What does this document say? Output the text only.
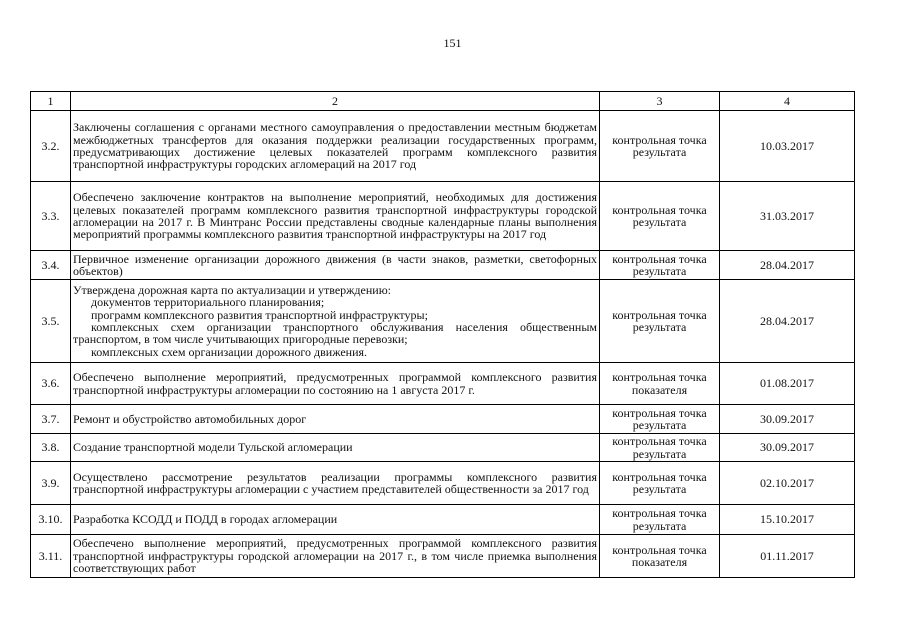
151
1	2	3	4
3.2.	Заключены соглашения с органами местного самоуправления о предоставлении местным бюджетам межбюджетных трансфертов для оказания поддержки реализации государственных программ, предусматривающих достижение целевых показателей программ комплексного развития транспортной инфраструктуры городских агломераций на 2017 год	контрольная точка результата	10.03.2017
3.3.	Обеспечено заключение контрактов на выполнение мероприятий, необходимых для достижения целевых показателей программ комплексного развития транспортной инфраструктуры городской агломерации на 2017 г. В Минтранс России представлены сводные календарные планы выполнения мероприятий программы комплексного развития транспортной инфраструктуры на 2017 год	контрольная точка результата	31.03.2017
3.4.	Первичное изменение организации дорожного движения (в части знаков, разметки, светофорных объектов)	контрольная точка результата	28.04.2017
3.5.	Утверждена дорожная карта по актуализации и утверждению:
документов территориального планирования;
программ комплексного развития транспортной инфраструктуры;
комплексных схем организации транспортного обслуживания населения общественным транспортом, в том числе учитывающих пригородные перевозки;
комплексных схем организации дорожного движения.	контрольная точка результата	28.04.2017
3.6.	Обеспечено выполнение мероприятий, предусмотренных программой комплексного развития транспортной инфраструктуры агломерации по состоянию на 1 августа 2017 г.	контрольная точка показателя	01.08.2017
3.7.	Ремонт и обустройство автомобильных дорог	контрольная точка результата	30.09.2017
3.8.	Создание транспортной модели Тульской агломерации	контрольная точка результата	30.09.2017
3.9.	Осуществлено рассмотрение результатов реализации программы комплексного развития транспортной инфраструктуры агломерации с участием представителей общественности за 2017 год	контрольная точка результата	02.10.2017
3.10.	Разработка КСОДД и ПОДД в городах агломерации	контрольная точка результата	15.10.2017
3.11.	Обеспечено выполнение мероприятий, предусмотренных программой комплексного развития транспортной инфраструктуры городской агломерации на 2017 г., в том числе приемка выполнения соответствующих работ	контрольная точка показателя	01.11.2017
